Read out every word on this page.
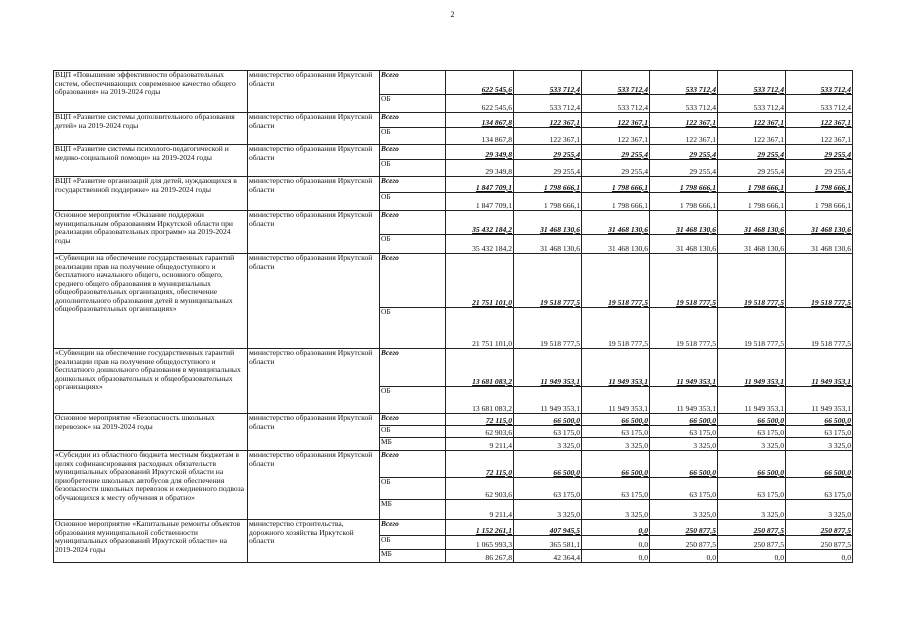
2
ВЦП «Повышение эффективности образовательных систем, обеспечивающих современное качество общего образования» на 2019-2024 годы	министерство образования Иркутской области	Всего	622 545,6	533 712,4	533 712,4	533 712,4	533 712,4	533 712,4
		ОБ	622 545,6	533 712,4	533 712,4	533 712,4	533 712,4	533 712,4
ВЦП «Развитие системы дополнительного образования детей» на 2019-2024 годы	министерство образования Иркутской области	Всего	134 867,8	122 367,1	122 367,1	122 367,1	122 367,1	122 367,1
		ОБ	134 867,8	122 367,1	122 367,1	122 367,1	122 367,1	122 367,1
ВЦП «Развитие системы психолого-педагогической и медико-социальной помощи» на 2019-2024 годы	министерство образования Иркутской области	Всего	29 349,8	29 255,4	29 255,4	29 255,4	29 255,4	29 255,4
		ОБ	29 349,8	29 255,4	29 255,4	29 255,4	29 255,4	29 255,4
ВЦП «Развитие организаций для детей, нуждающихся в государственной поддержке» на 2019-2024 годы	министерство образования Иркутской области	Всего	1 847 709,1	1 798 666,1	1 798 666,1	1 798 666,1	1 798 666,1	1 798 666,1
		ОБ	1 847 709,1	1 798 666,1	1 798 666,1	1 798 666,1	1 798 666,1	1 798 666,1
Основное мероприятие «Оказание поддержки муниципальным образованиям Иркутской области при реализации образовательных программ» на 2019-2024 годы	министерство образования Иркутской области	Всего	35 432 184,2	31 468 130,6	31 468 130,6	31 468 130,6	31 468 130,6	31 468 130,6
		ОБ	35 432 184,2	31 468 130,6	31 468 130,6	31 468 130,6	31 468 130,6	31 468 130,6
«Субвенции на обеспечение государственных гарантий реализации прав на получение общедоступного и бесплатного начального общего, основного общего, среднего общего образования в муниципальных общеобразовательных организациях, обеспечение дополнительного образования детей в муниципальных общеобразовательных организациях»	министерство образования Иркутской области	Всего	21 751 101,0	19 518 777,5	19 518 777,5	19 518 777,5	19 518 777,5	19 518 777,5
		ОБ	21 751 101,0	19 518 777,5	19 518 777,5	19 518 777,5	19 518 777,5	19 518 777,5
«Субвенции на обеспечение государственных гарантий реализации прав на получение общедоступного и бесплатного дошкольного образования в муниципальных дошкольных образовательных и общеобразовательных организациях»	министерство образования Иркутской области	Всего	13 681 083,2	11 949 353,1	11 949 353,1	11 949 353,1	11 949 353,1	11 949 353,1
		ОБ	13 681 083,2	11 949 353,1	11 949 353,1	11 949 353,1	11 949 353,1	11 949 353,1
Основное мероприятие «Безопасность школьных перевозок» на 2019-2024 годы	министерство образования Иркутской области	Всего	72 115,0	66 500,0	66 500,0	66 500,0	66 500,0	66 500,0
		ОБ	62 903,6	63 175,0	63 175,0	63 175,0	63 175,0	63 175,0
		МБ	9 211,4	3 325,0	3 325,0	3 325,0	3 325,0	3 325,0
«Субсидии из областного бюджета местным бюджетам в целях софинансирования расходных обязательств муниципальных образований Иркутской области на приобретение школьных автобусов для обеспечения безопасности школьных перевозок и ежедневного подвоза обучающихся к месту обучения и обратно»	министерство образования Иркутской области	Всего	72 115,0	66 500,0	66 500,0	66 500,0	66 500,0	66 500,0
		ОБ	62 903,6	63 175,0	63 175,0	63 175,0	63 175,0	63 175,0
		МБ	9 211,4	3 325,0	3 325,0	3 325,0	3 325,0	3 325,0
Основное мероприятие «Капитальные ремонты объектов образования муниципальной собственности муниципальных образований Иркутской области» на 2019-2024 годы	министерство строительства, дорожного хозяйства Иркутской области	Всего	1 152 261,1	407 945,5	0,0	250 877,5	250 877,5	250 877,5
		ОБ	1 065 993,3	365 581,1	0,0	250 877,5	250 877,5	250 877,5
		МБ	86 267,8	42 364,4	0,0	0,0	0,0	0,0
